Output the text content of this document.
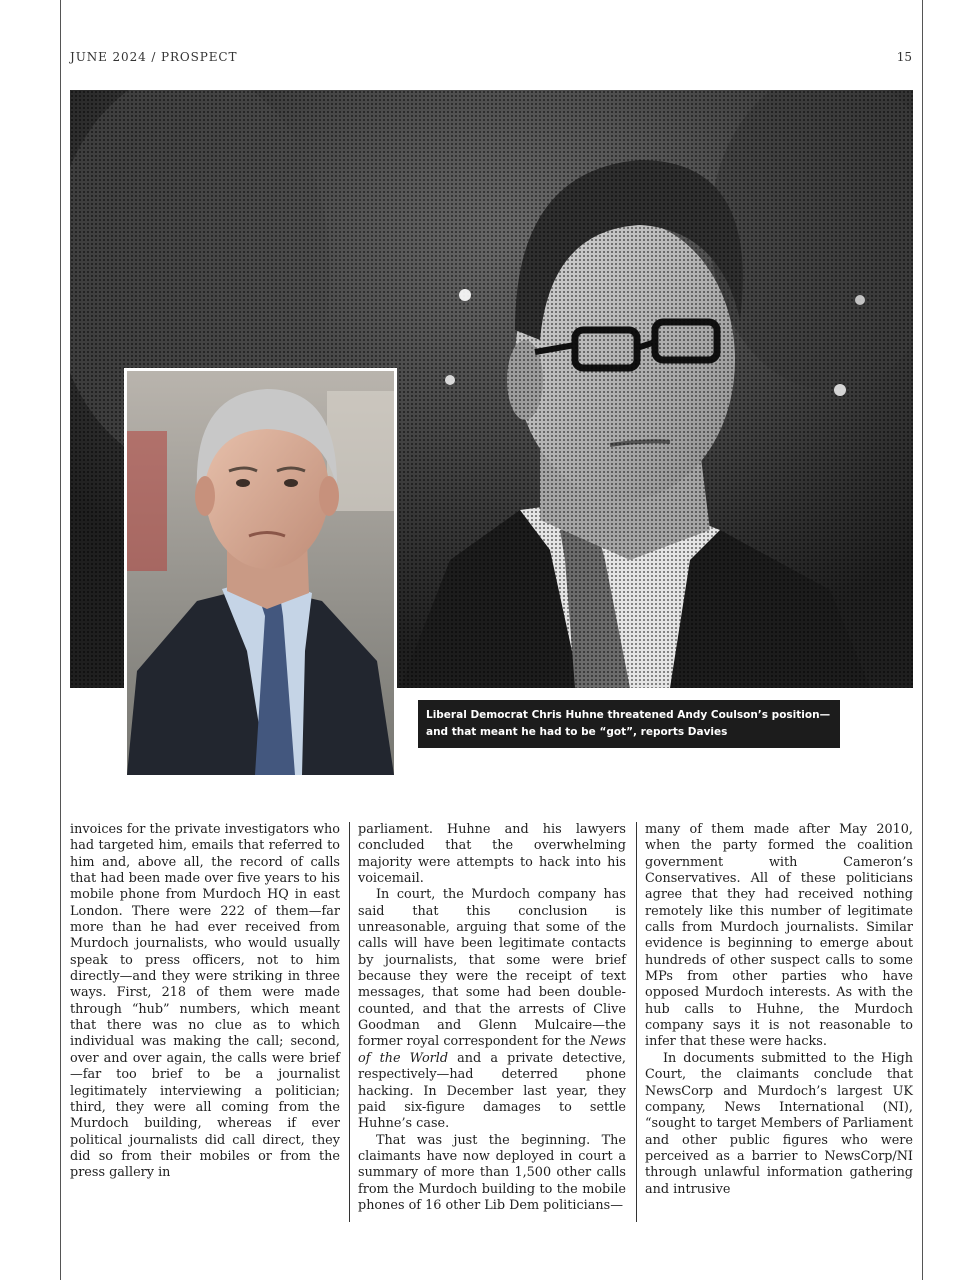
JUNE 2024 / PROSPECT	15
Liberal Democrat Chris Huhne threatened Andy Coulson’s position—
and that meant he had to be “got”, reports Davies

invoices for the private investigators who had targeted him, emails that referred to him and, above all, the record of calls that had been made over five years to his mobile phone from Murdoch HQ in east London. There were 222 of them—far more than he had ever received from Murdoch journalists, who would usually speak to press officers, not to him directly—and they were striking in three ways. First, 218 of them were made through “hub” numbers, which meant that there was no clue as to which individual was making the call; second, over and over again, the calls were brief—far too brief to be a journalist legitimately interviewing a politician; third, they were all coming from the Murdoch building, whereas if ever political journalists did call direct, they did so from their mobiles or from the press gallery in

parliament. Huhne and his lawyers concluded that the overwhelming majority were attempts to hack into his voicemail.

In court, the Murdoch company has said that this conclusion is unreasonable, arguing that some of the calls will have been legitimate contacts by journalists, that some were brief because they were the receipt of text messages, that some had been double-counted, and that the arrests of Clive Goodman and Glenn Mulcaire—the former royal correspondent for the News of the World and a private detective, respectively—had deterred phone hacking. In December last year, they paid six-figure damages to settle Huhne’s case.

That was just the beginning. The claimants have now deployed in court a summary of more than 1,500 other calls from the Murdoch building to the mobile phones of 16 other Lib Dem politicians—

many of them made after May 2010, when the party formed the coalition government with Cameron’s Conservatives. All of these politicians agree that they had received nothing remotely like this number of legitimate calls from Murdoch journalists. Similar evidence is beginning to emerge about hundreds of other suspect calls to some MPs from other parties who have opposed Murdoch interests. As with the hub calls to Huhne, the Murdoch company says it is not reasonable to infer that these were hacks.

In documents submitted to the High Court, the claimants conclude that NewsCorp and Murdoch’s largest UK company, News International (NI), “sought to target Members of Parliament and other public figures who were perceived as a barrier to NewsCorp/NI through unlawful information gathering and intrusive
